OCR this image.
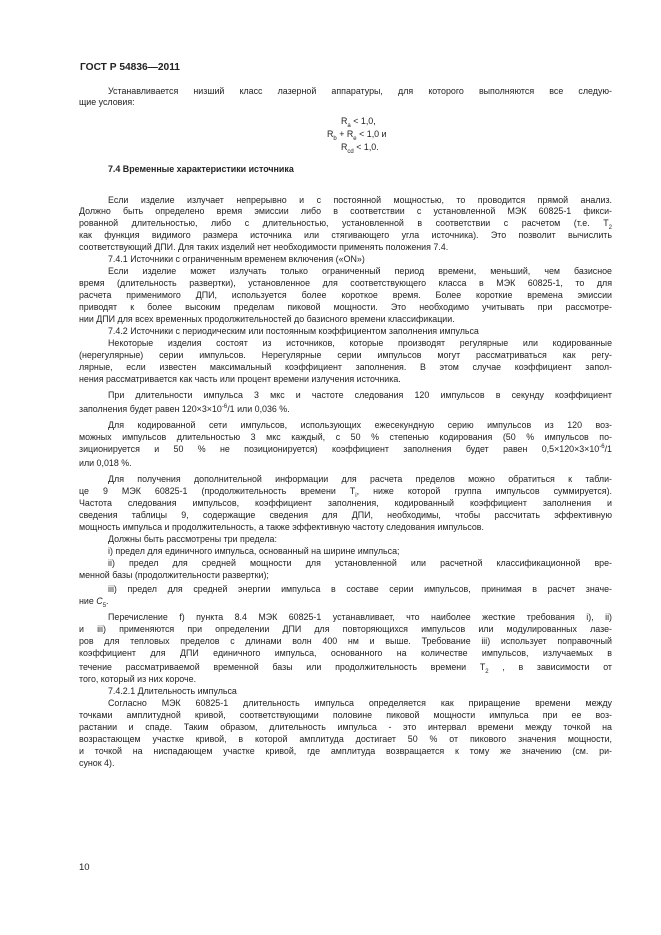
ГОСТ Р 54836—2011
Устанавливается низший класс лазерной аппаратуры, для которого выполняются все следую-
щие условия:
$R_a < 1,0$,
$R_b + R_e < 1,0$ и
$R_{cd} < 1,0$.
7.4 Временные характеристики источника
Если изделие излучает непрерывно и с постоянной мощностью, то проводится прямой анализ.
Должно быть определено время эмиссии либо в соответствии с установленной МЭК 60825-1 фикси-
рованной длительностью, либо с длительностью, установленной в соответствии с расчетом (т.е. $Т_2$
как функция видимого размера источника или стягивающего угла источника). Это позволит вычислить
соответствующий ДПИ. Для таких изделий нет необходимости применять положения 7.4.
7.4.1 Источники с ограниченным временем включения («ON»)
Если изделие может излучать только ограниченный период времени, меньший, чем базисное
время (длительность развертки), установленное для соответствующего класса в МЭК 60825-1, то для
расчета применимого ДПИ, используется более короткое время. Более короткие времена эмиссии
приводят к более высоким пределам пиковой мощности. Это необходимо учитывать при рассмотре-
нии ДПИ для всех временных продолжительностей до базисного времени классификации.
7.4.2 Источники с периодическим или постоянным коэффициентом заполнения импульса
Некоторые изделия состоят из источников, которые производят регулярные или кодированные
(нерегулярные) серии импульсов. Нерегулярные серии импульсов могут рассматриваться как регу-
лярные, если известен максимальный коэффициент заполнения. В этом случае коэффициент запол-
нения рассматривается как часть или процент времени излучения источника.
При длительности импульса 3 мкс и частоте следования 120 импульсов в секунду коэффициент
заполнения будет равен $120\times 3\times 10^{-6}/1$ или 0,036 %.
Для кодированной сети импульсов, использующих ежесекундную серию импульсов из 120 воз-
можных импульсов длительностью 3 мкс каждый, с 50 % степенью кодирования (50 % импульсов по-
зиционируется и 50 % не позиционируется) коэффициент заполнения будет равен $0,5\times 120\times 3\times 10^{-6}/1$
или 0,018 %.
Для получения дополнительной информации для расчета пределов можно обратиться к табли-
це 9 МЭК 60825-1 (продолжительность времени $T_i$, ниже которой группа импульсов суммируется).
Частота следования импульсов, коэффициент заполнения, кодированный коэффициент заполнения и
сведения таблицы 9, содержащие сведения для ДПИ, необходимы, чтобы рассчитать эффективную
мощность импульса и продолжительность, а также эффективную частоту следования импульсов.
Должны быть рассмотрены три предела:
i) предел для единичного импульса, основанный на ширине импульса;
ii) предел для средней мощности для установленной или расчетной классификационной вре-
менной базы (продолжительности развертки);
iii) предел для средней энергии импульса в составе серии импульсов, принимая в расчет значе-
ние $C_5$.
Перечисление f) пункта 8.4 МЭК 60825-1 устанавливает, что наиболее жесткие требования i), ii)
и iii) применяются при определении ДПИ для повторяющихся импульсов или модулированных лазе-
ров для тепловых пределов с длинами волн 400 нм и выше. Требование iii) использует поправочный
коэффициент для ДПИ единичного импульса, основанного на количестве импульсов, излучаемых в
течение рассматриваемой временной базы или продолжительность времени $T_2$ , в зависимости от
того, который из них короче.
7.4.2.1 Длительность импульса
Согласно МЭК 60825-1 длительность импульса определяется как приращение времени между
точками амплитудной кривой, соответствующими половине пиковой мощности импульса при ее воз-
растании и спаде. Таким образом, длительность импульса - это интервал времени между точкой на
возрастающем участке кривой, в которой амплитуда достигает 50 % от пикового значения мощности,
и точкой на ниспадающем участке кривой, где амплитуда возвращается к тому же значению (см. ри-
сунок 4).
10
